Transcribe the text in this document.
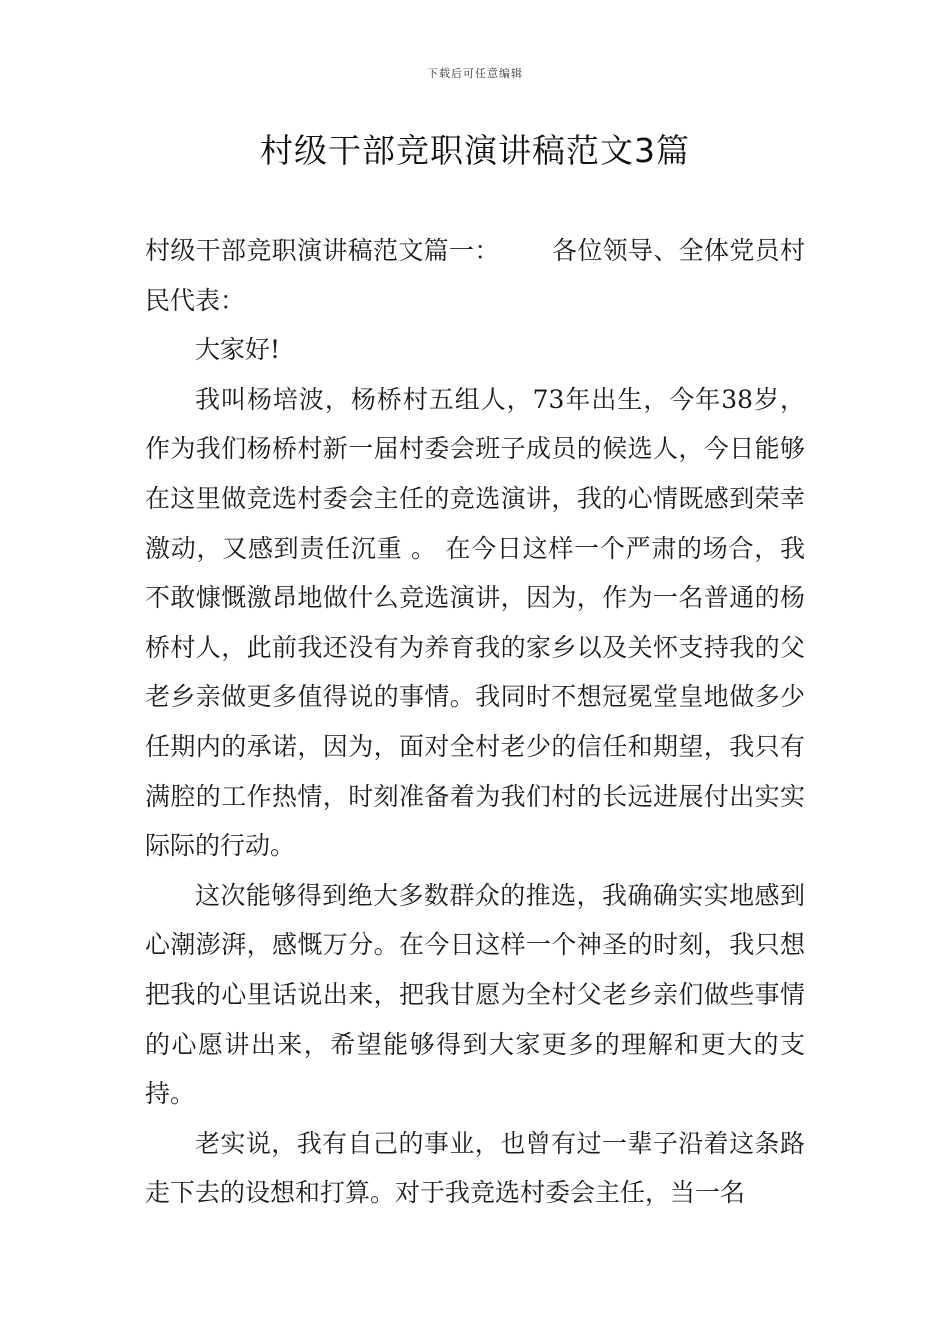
下载后可任意编辑
村级干部竞职演讲稿范文3篇

村级干部竞职演讲稿范文篇一： 各位领导、全体党员村民代表：

大家好!

我叫杨培波，杨桥村五组人，73年出生，今年38岁，作为我们杨桥村新一届村委会班子成员的候选人，今日能够在这里做竞选村委会主任的竞选演讲，我的心情既感到荣幸激动，又感到责任沉重 。 在今日这样一个严肃的场合，我不敢慷慨激昂地做什么竞选演讲，因为，作为一名普通的杨桥村人，此前我还没有为养育我的家乡以及关怀支持我的父老乡亲做更多值得说的事情。我同时不想冠冕堂皇地做多少任期内的承诺，因为，面对全村老少的信任和期望，我只有满腔的工作热情，时刻准备着为我们村的长远进展付出实实际际的行动。

这次能够得到绝大多数群众的推选，我确确实实地感到心潮澎湃，感慨万分。在今日这样一个神圣的时刻，我只想把我的心里话说出来，把我甘愿为全村父老乡亲们做些事情的心愿讲出来，希望能够得到大家更多的理解和更大的支持。

老实说，我有自己的事业，也曾有过一辈子沿着这条路走下去的设想和打算。对于我竞选村委会主任，当一名
